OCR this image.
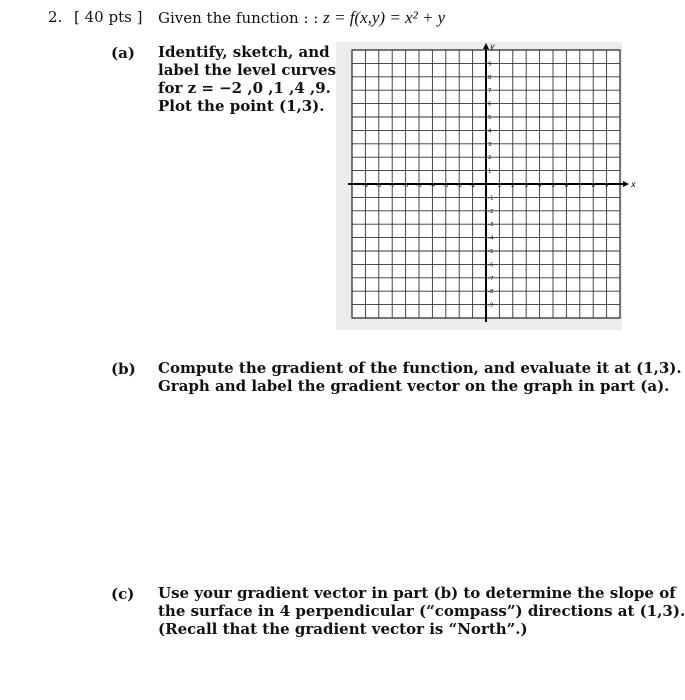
2. [ 40 pts ] Given the function : : z = f(x,y) = x² + y
(a) Identify, sketch, and
label the level curves
for z = −2 ,0 ,1 ,4 ,9.
Plot the point (1,3).
x
y
-9 -8 -7 -6 -5 -4 -3 -2 -1	1 2 3 4 5 6 7 8 9
9
8
7
6
5
4
3
2
1
-1
-2
-3
-4
-5
-6
-7
-8
-9
(b) Compute the gradient of the function, and evaluate it at (1,3).
Graph and label the gradient vector on the graph in part (a).
(c) Use your gradient vector in part (b) to determine the slope of
the surface in 4 perpendicular (“compass”) directions at (1,3).
(Recall that the gradient vector is “North”.)
